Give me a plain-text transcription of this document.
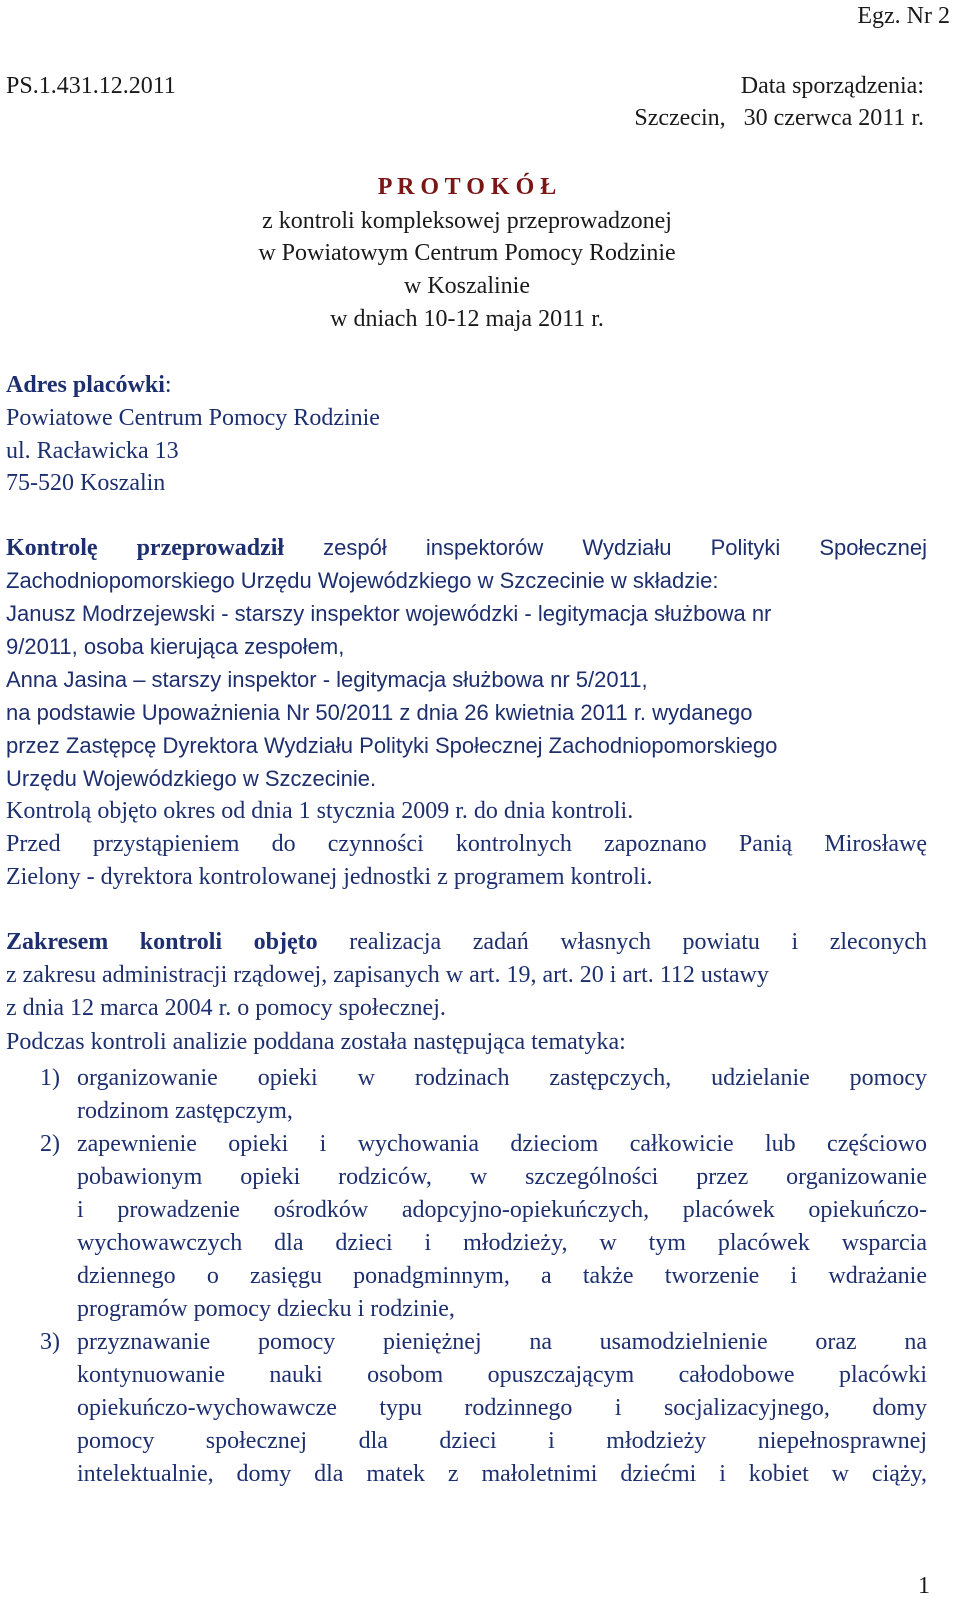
Egz. Nr 2
PS.1.431.12.2011	Data sporządzenia:
Szczecin,   30 czerwca 2011 r.
P R O T O K Ó Ł
z kontroli kompleksowej przeprowadzonej
w Powiatowym Centrum Pomocy Rodzinie
w Koszalinie
w dniach 10-12 maja 2011 r.
Adres placówki:
Powiatowe Centrum Pomocy Rodzinie
ul. Racławicka 13
75-520 Koszalin
Kontrolę przeprowadził zespół inspektorów Wydziału Polityki Społecznej
Zachodniopomorskiego Urzędu Wojewódzkiego w Szczecinie w składzie:
Janusz Modrzejewski - starszy inspektor wojewódzki - legitymacja służbowa nr
9/2011, osoba kierująca zespołem,
Anna Jasina – starszy inspektor - legitymacja służbowa nr 5/2011,
na podstawie Upoważnienia Nr 50/2011 z dnia 26 kwietnia 2011 r. wydanego
przez Zastępcę Dyrektora Wydziału Polityki Społecznej Zachodniopomorskiego
Urzędu Wojewódzkiego w Szczecinie.
Kontrolą objęto okres od dnia 1 stycznia 2009 r. do dnia kontroli.
Przed przystąpieniem do czynności kontrolnych zapoznano Panią Mirosławę
Zielony - dyrektora kontrolowanej jednostki z programem kontroli.
Zakresem kontroli objęto realizacja zadań własnych powiatu i zleconych
z zakresu administracji rządowej, zapisanych w art. 19, art. 20 i art. 112 ustawy
z dnia 12 marca 2004 r. o pomocy społecznej.
Podczas kontroli analizie poddana została następująca tematyka:
1) organizowanie opieki w rodzinach zastępczych, udzielanie pomocy
rodzinom zastępczym,
2) zapewnienie opieki i wychowania dzieciom całkowicie lub częściowo
pobawionym opieki rodziców, w szczególności przez organizowanie
i prowadzenie ośrodków adopcyjno-opiekuńczych, placówek opiekuńczo-
wychowawczych dla dzieci i młodzieży, w tym placówek wsparcia
dziennego o zasięgu ponadgminnym, a także tworzenie i wdrażanie
programów pomocy dziecku i rodzinie,
3) przyznawanie pomocy pieniężnej na usamodzielnienie oraz na
kontynuowanie nauki osobom opuszczającym całodobowe placówki
opiekuńczo-wychowawcze typu rodzinnego i socjalizacyjnego, domy
pomocy społecznej dla dzieci i młodzieży niepełnosprawnej
intelektualnie, domy dla matek z małoletnimi dziećmi i kobiet w ciąży,
1
